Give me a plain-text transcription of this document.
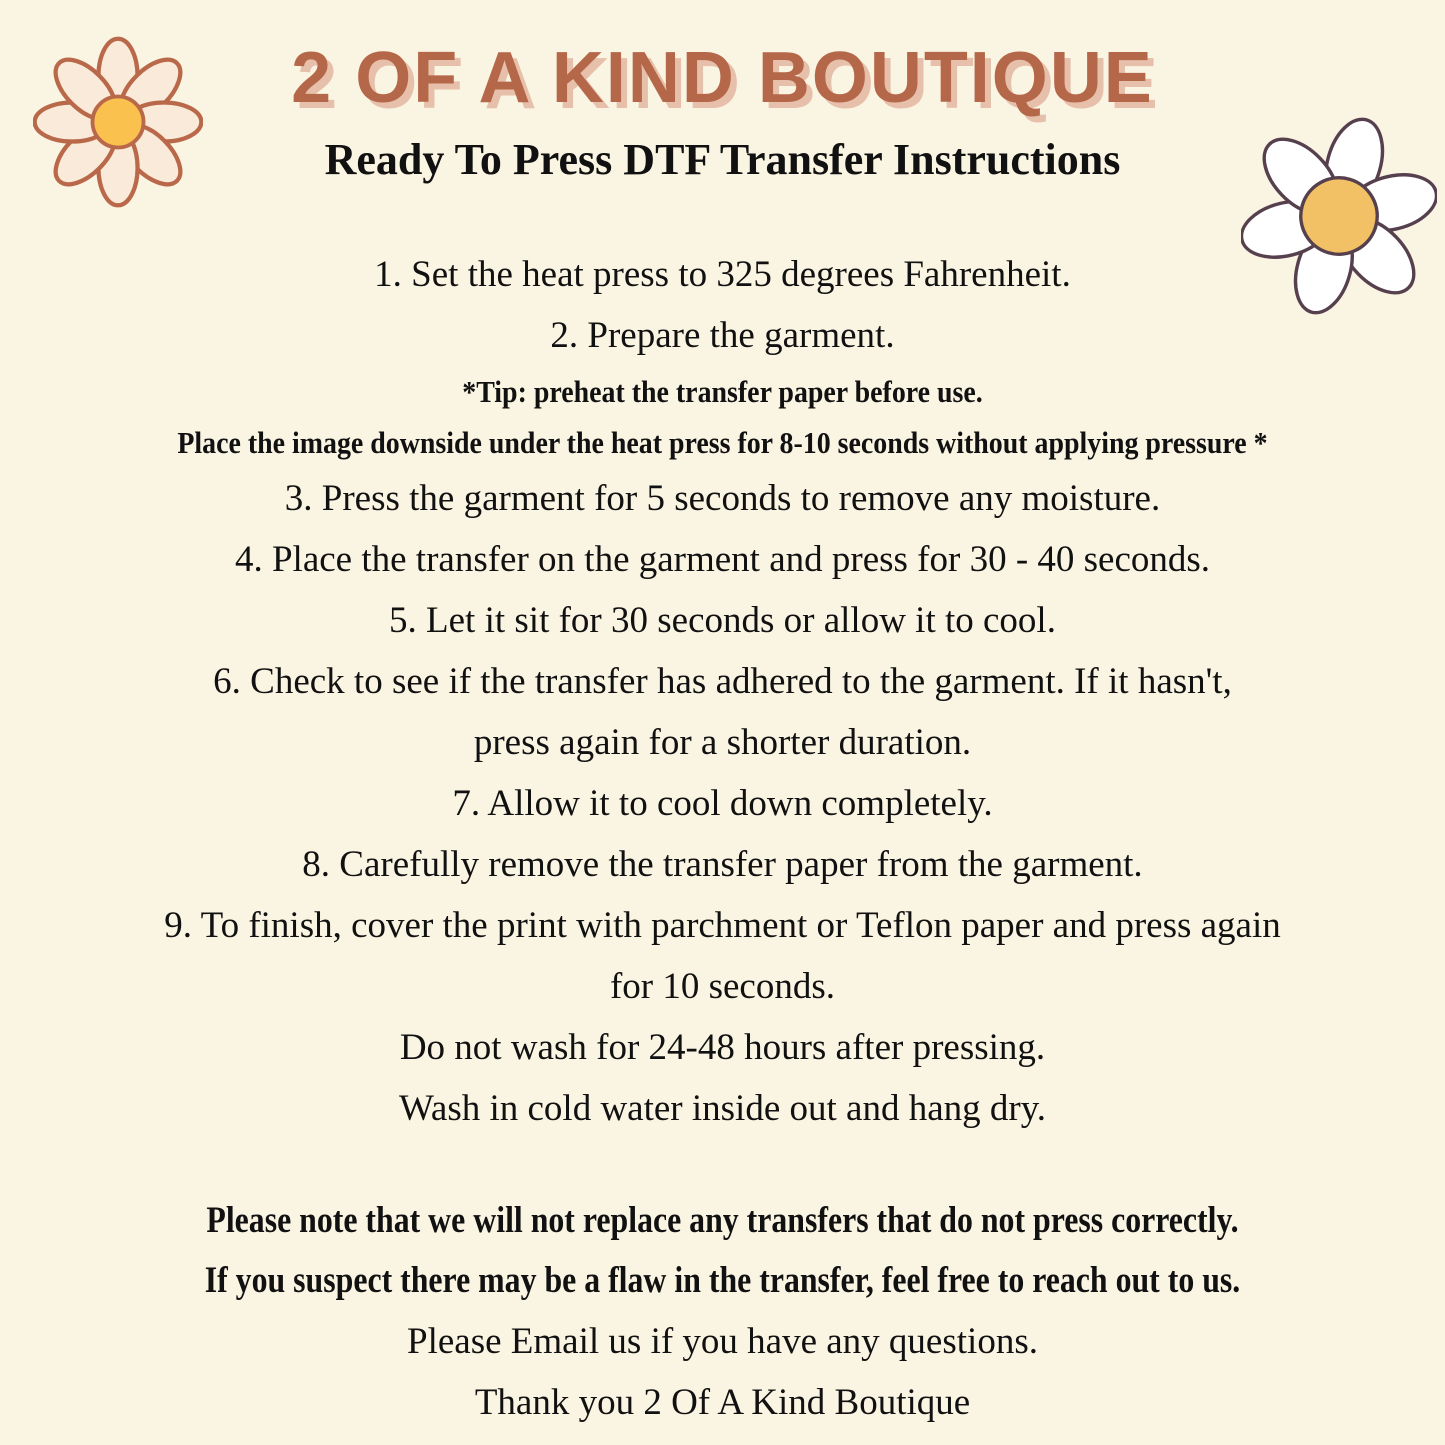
2 OF A KIND BOUTIQUE
Ready To Press DTF Transfer Instructions
1. Set the heat press to 325 degrees Fahrenheit.
2. Prepare the garment.
*Tip: preheat the transfer paper before use.
Place the image downside under the heat press for 8-10 seconds without applying pressure *
3. Press the garment for 5 seconds to remove any moisture.
4. Place the transfer on the garment and press for 30 - 40 seconds.
5. Let it sit for 30 seconds or allow it to cool.
6. Check to see if the transfer has adhered to the garment. If it hasn't,
press again for a shorter duration.
7. Allow it to cool down completely.
8. Carefully remove the transfer paper from the garment.
9. To finish, cover the print with parchment or Teflon paper and press again
for 10 seconds.
Do not wash for 24-48 hours after pressing.
Wash in cold water inside out and hang dry.
Please note that we will not replace any transfers that do not press correctly.
If you suspect there may be a flaw in the transfer, feel free to reach out to us.
Please Email us if you have any questions.
Thank you 2 Of A Kind Boutique
